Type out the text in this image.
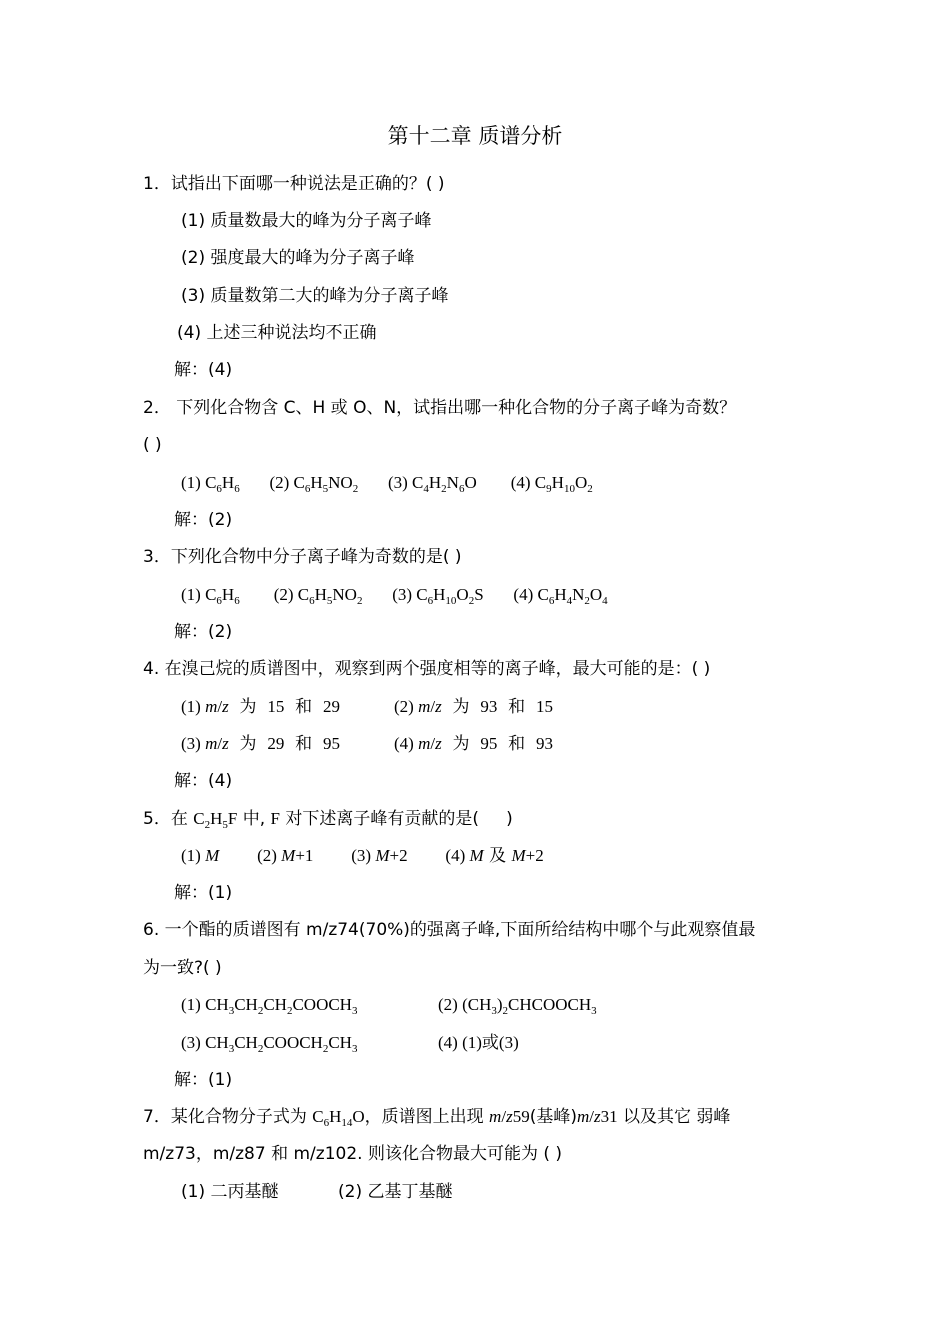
第十二章 质谱分析
1．试指出下面哪一种说法是正确的？( )
(1) 质量数最大的峰为分子离子峰
(2) 强度最大的峰为分子离子峰
(3) 质量数第二大的峰为分子离子峰
(4) 上述三种说法均不正确
解：(4)
2． 下列化合物含 C、H 或 O、N，试指出哪一种化合物的分子离子峰为奇数？
( )
(1) $C_6H_6$       (2) $C_6H_5NO_2$       (3) $C_4H_2N_6O$        (4) $C_9H_{10}O_2$
解：(2)
3．下列化合物中分子离子峰为奇数的是( )
(1) $C_6H_6$        (2) $C_6H_5NO_2$       (3) $C_6H_{10}O_2S$       (4) $C_6H_4N_2O_4$
解：(2)
4. 在溴己烷的质谱图中，观察到两个强度相等的离子峰，最大可能的是：( )
(1) m/z  为  15  和  29	(2) m/z  为  93  和  15
(3) m/z  为  29  和  95	(4) m/z  为  95  和  93
解：(4)
5．在 $C_2H_5F$ 中, F 对下述离子峰有贡献的是(     )
(1) M (2) M+1 (3) M+2 (4) M 及 M+2
解：(1)
6. 一个酯的质谱图有 m/z74(70%)的强离子峰,下面所给结构中哪个与此观察值最
为一致?( )
(1) $CH_3CH_2CH_2COOCH_3$	(2) $(CH_3)_2CHCOOCH_3$
(3) $CH_3CH_2COOCH_2CH_3$	(4) (1)或(3)
解：(1)
7．某化合物分子式为 $C_6H_{14}O$，质谱图上出现 m/z59(基峰)m/z31 以及其它 弱峰
m/z73，m/z87 和 m/z102. 则该化合物最大可能为 ( )
(1) 二丙基醚	(2) 乙基丁基醚
